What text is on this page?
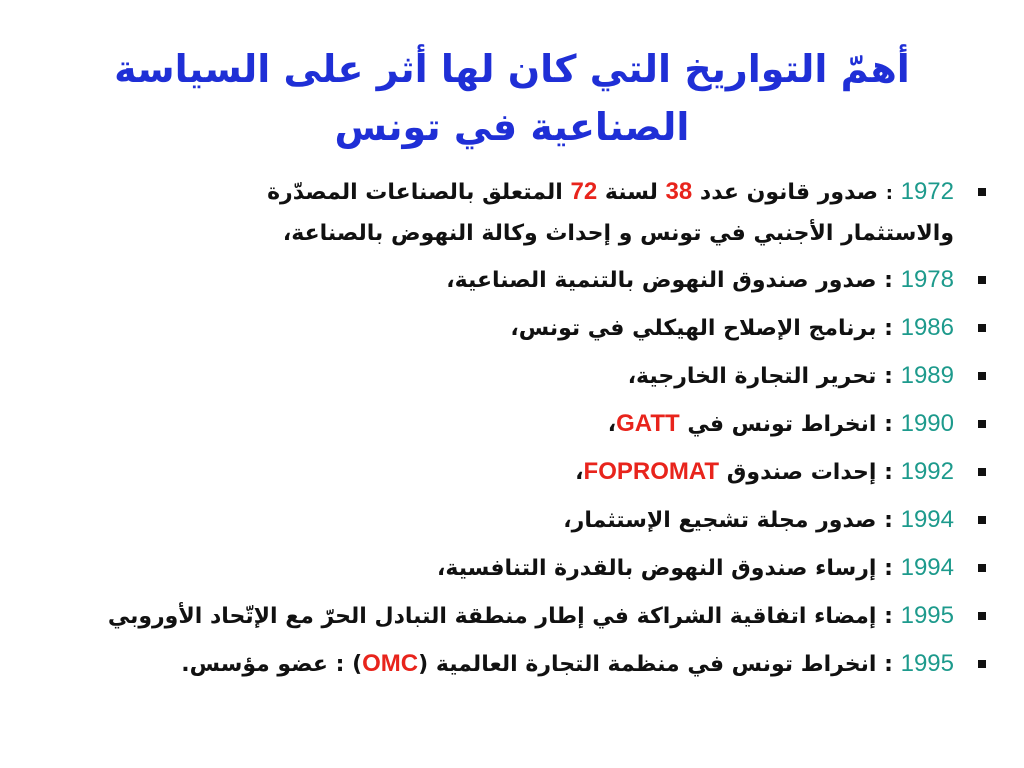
أهمّ التواريخ التي كان لها أثر على السياسة
الصناعية في تونس
1972 : صدور قانون عدد 38 لسنة 72 المتعلق بالصناعات المصدّرة
والاستثمار الأجنبي في تونس و إحداث وكالة النهوض بالصناعة،
1978 : صدور صندوق النهوض بالتنمية الصناعية،
1986 : برنامج الإصلاح الهيكلي في تونس،
1989 : تحرير التجارة الخارجية،
1990 : انخراط تونس في GATT،
1992 : إحدات صندوق FOPROMAT،
1994 : صدور مجلة تشجيع الإستثمار،
1994 : إرساء صندوق النهوض بالقدرة التنافسية،
1995 : إمضاء اتفاقية الشراكة في إطار منطقة التبادل الحرّ مع الإتّحاد الأوروبي
1995 : انخراط تونس في منظمة التجارة العالمية (OMC) : عضو مؤسس.
